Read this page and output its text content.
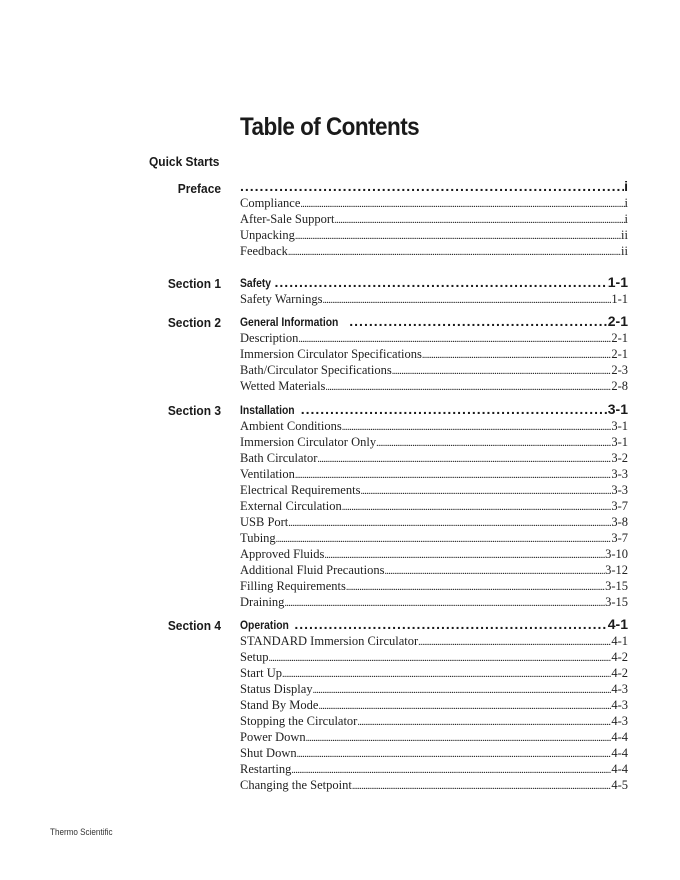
Table of Contents
Quick Starts
Preface .....	i
Compliance .....	i
After-Sale Support .....	i
Unpacking .....	ii
Feedback .....	ii
Section 1 Safety .....	1-1
Safety Warnings .....	1-1
Section 2 General Information .....	2-1
Description .....	2-1
Immersion Circulator Specifications .....	2-1
Bath/Circulator Specifications .....	2-3
Wetted Materials .....	2-8
Section 3 Installation .....	3-1
Ambient Conditions .....	3-1
Immersion Circulator Only .....	3-1
Bath Circulator .....	3-2
Ventilation .....	3-3
Electrical Requirements .....	3-3
External Circulation .....	3-7
USB Port .....	3-8
Tubing .....	3-7
Approved Fluids .....	3-10
Additional Fluid Precautions .....	3-12
Filling Requirements .....	3-15
Draining .....	3-15
Section 4 Operation .....	4-1
STANDARD Immersion Circulator .....	4-1
Setup .....	4-2
Start Up .....	4-2
Status Display .....	4-3
Stand By Mode .....	4-3
Stopping the Circulator .....	4-3
Power Down .....	4-4
Shut Down .....	4-4
Restarting .....	4-4
Changing the Setpoint .....	4-5
Thermo Scientific
